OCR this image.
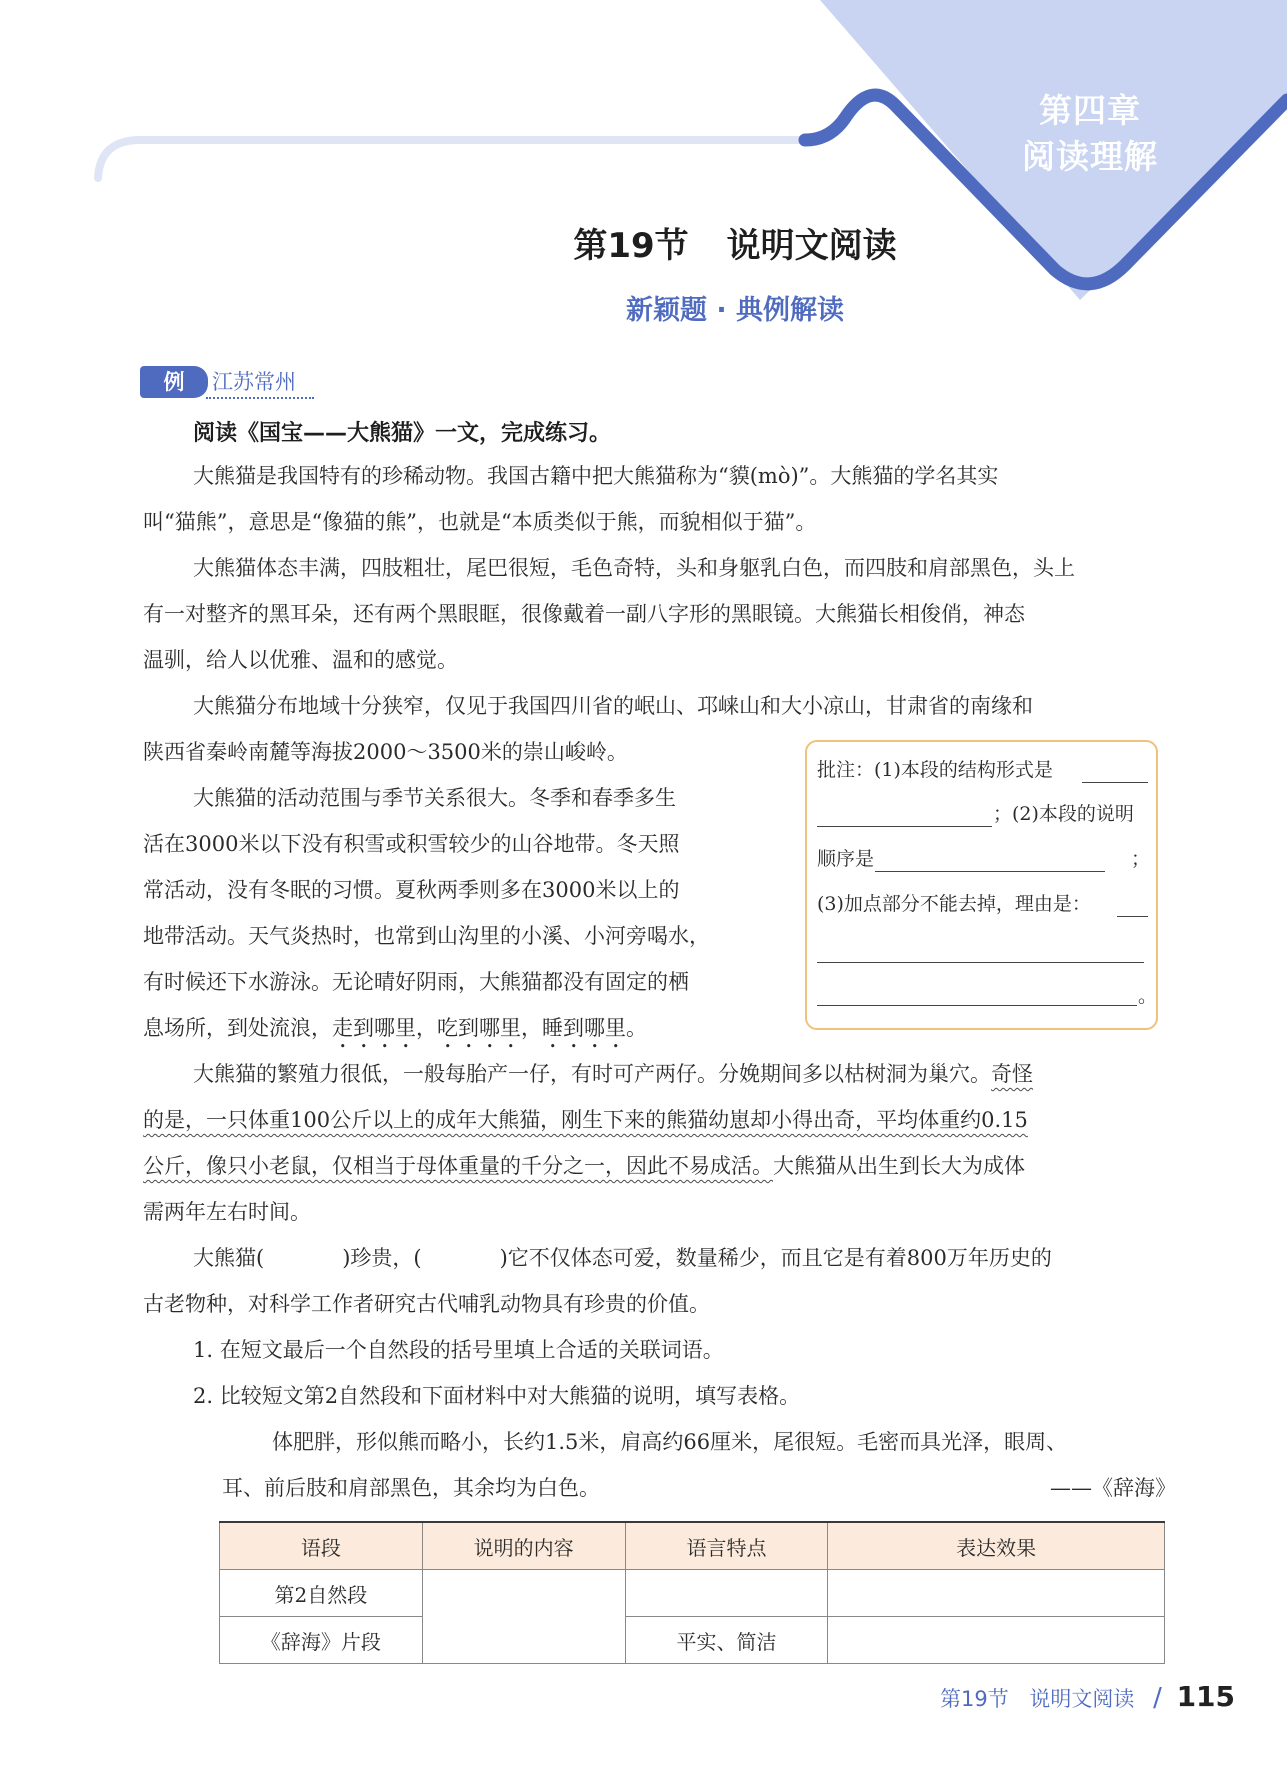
第四章
阅读理解
第19节 说明文阅读
新颖题 · 典例解读
例	江苏常州
阅读《国宝——大熊猫》一文，完成练习。
大熊猫是我国特有的珍稀动物。我国古籍中把大熊猫称为“貘(mò)”。大熊猫的学名其实
叫“猫熊”，意思是“像猫的熊”，也就是“本质类似于熊，而貌相似于猫”。
大熊猫体态丰满，四肢粗壮，尾巴很短，毛色奇特，头和身躯乳白色，而四肢和肩部黑色，头上
有一对整齐的黑耳朵，还有两个黑眼眶，很像戴着一副八字形的黑眼镜。大熊猫长相俊俏，神态
温驯，给人以优雅、温和的感觉。
大熊猫分布地域十分狭窄，仅见于我国四川省的岷山、邛崃山和大小凉山，甘肃省的南缘和
陕西省秦岭南麓等海拔2000～3500米的崇山峻岭。
大熊猫的活动范围与季节关系很大。冬季和春季多生
活在3000米以下没有积雪或积雪较少的山谷地带。冬天照
常活动，没有冬眠的习惯。夏秋两季则多在3000米以上的
地带活动。天气炎热时，也常到山沟里的小溪、小河旁喝水，
有时候还下水游泳。无论晴好阴雨，大熊猫都没有固定的栖
息场所，到处流浪，走到哪里，吃到哪里，睡到哪里。
大熊猫的繁殖力很低，一般每胎产一仔，有时可产两仔。分娩期间多以枯树洞为巢穴。奇怪
的是，一只体重100公斤以上的成年大熊猫，刚生下来的熊猫幼崽却小得出奇，平均体重约0.15
公斤，像只小老鼠，仅相当于母体重量的千分之一，因此不易成活。大熊猫从出生到长大为成体
需两年左右时间。
大熊猫(	)珍贵，(	)它不仅体态可爱，数量稀少，而且它是有着800万年历史的
古老物种，对科学工作者研究古代哺乳动物具有珍贵的价值。
批注：(1)本段的结构形式是
；(2)本段的说明
顺序是	；
(3)加点部分不能去掉，理由是：
。
1. 在短文最后一个自然段的括号里填上合适的关联词语。
2. 比较短文第2自然段和下面材料中对大熊猫的说明，填写表格。
体肥胖，形似熊而略小，长约1.5米，肩高约66厘米，尾很短。毛密而具光泽，眼周、
耳、前后肢和肩部黑色，其余均为白色。	——《辞海》
语段	说明的内容	语言特点	表达效果
第2自然段			
《辞海》片段		平实、简洁	
第19节 说明文阅读 / 115
